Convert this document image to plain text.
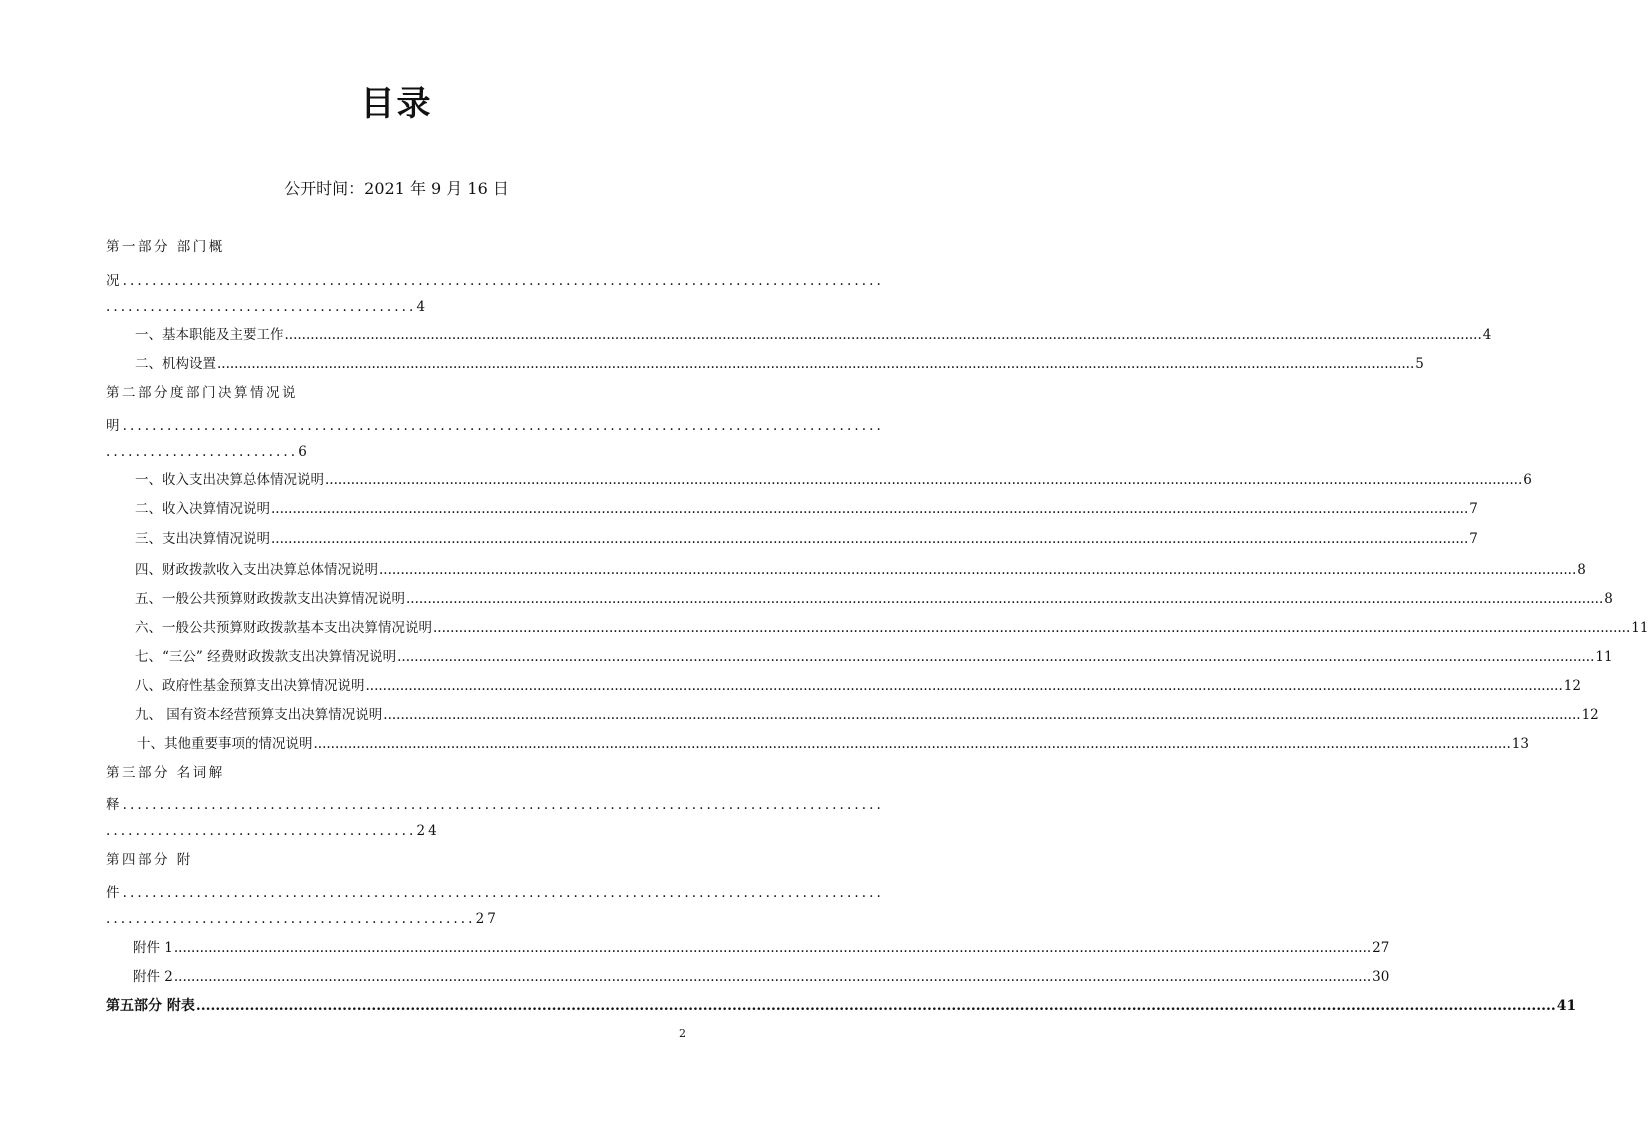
目录
公开时间：2021 年 9 月 16 日
第一部分 部门概
况.......................................................................................................
..........................................4
一、基本职能及主要工作 .....	4
二、机构设置 .....	5
第二部分度部门决算情况说
明.......................................................................................................
..........................6
一、收入支出决算总体情况说明 .....	6
二、收入决算情况说明 .....	7
三、支出决算情况说明 .....	7
四、财政拨款收入支出决算总体情况说明 .....	8
五、一般公共预算财政拨款支出决算情况说明 .....	8
六、一般公共预算财政拨款基本支出决算情况说明 .....	11
七、“三公” 经费财政拨款支出决算情况说明 .....	11
八、政府性基金预算支出决算情况说明 .....	12
九、 国有资本经营预算支出决算情况说明 .....	12
十、其他重要事项的情况说明 .....	13
第三部分 名词解
释.......................................................................................................
..........................................24
第四部分 附
件.......................................................................................................
..................................................27
附件 1 .....	27
附件 2 .....	30
第五部分 附表 .....	41
2
